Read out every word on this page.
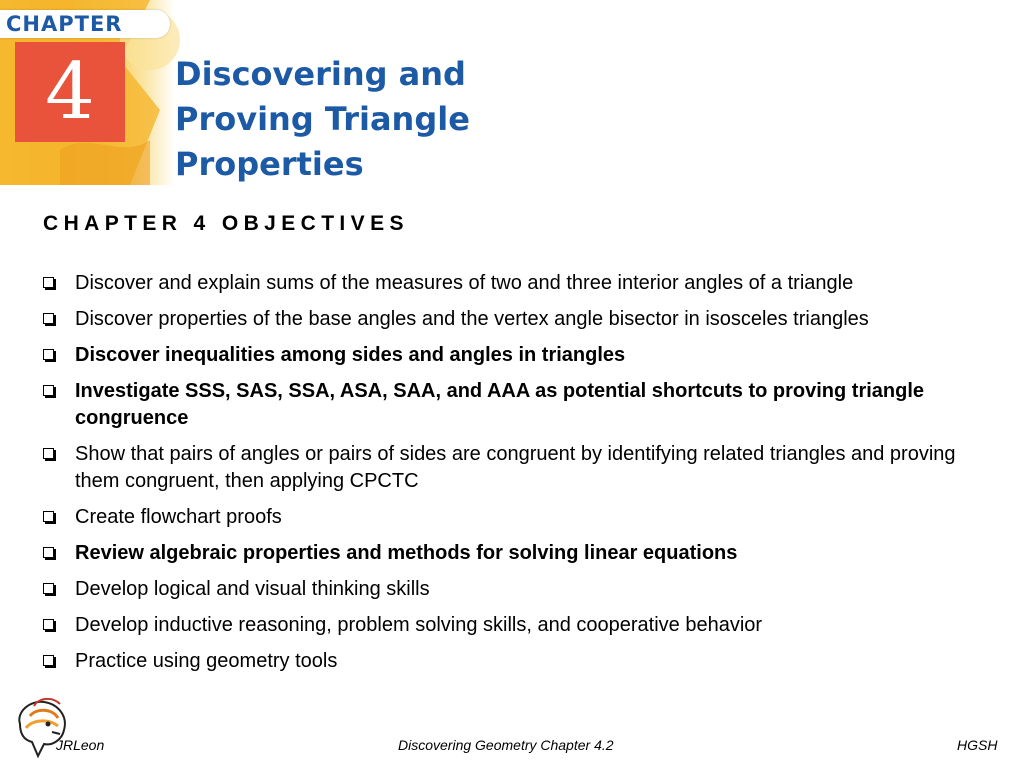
CHAPTER
4	Discovering and
Proving Triangle
Properties
CHAPTER 4 OBJECTIVES
Discover and explain sums of the measures of two and three interior angles of a triangle
Discover properties of the base angles and the vertex angle bisector in isosceles triangles
Discover inequalities among sides and angles in triangles
Investigate SSS, SAS, SSA, ASA, SAA, and AAA as potential shortcuts to proving triangle congruence
Show that pairs of angles or pairs of sides are congruent by identifying related triangles and proving them congruent, then applying CPCTC
Create flowchart proofs
Review algebraic properties and methods for solving linear equations
Develop logical and visual thinking skills
Develop inductive reasoning, problem solving skills, and cooperative behavior
Practice using geometry tools
JRLeon	Discovering Geometry Chapter 4.2	HGSH
